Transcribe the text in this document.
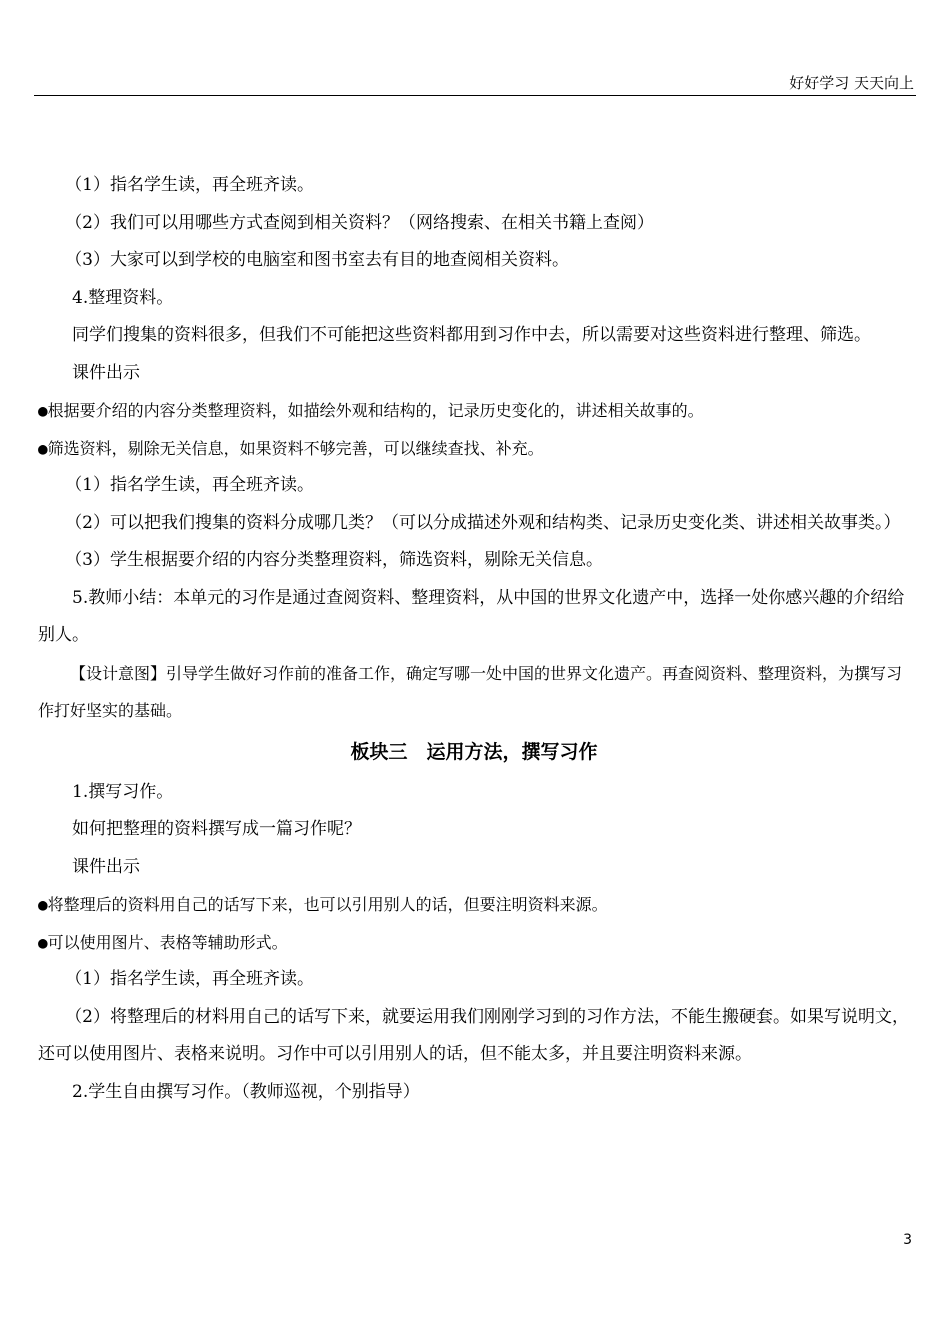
好好学习 天天向上

（1）指名学生读，再全班齐读。

（2）我们可以用哪些方式查阅到相关资料？（网络搜索、在相关书籍上查阅）

（3）大家可以到学校的电脑室和图书室去有目的地查阅相关资料。

4.整理资料。

同学们搜集的资料很多，但我们不可能把这些资料都用到习作中去，所以需要对这些资料进行整理、筛选。

课件出示

●根据要介绍的内容分类整理资料，如描绘外观和结构的，记录历史变化的，讲述相关故事的。

●筛选资料，剔除无关信息，如果资料不够完善，可以继续查找、补充。

（1）指名学生读，再全班齐读。

（2）可以把我们搜集的资料分成哪几类？（可以分成描述外观和结构类、记录历史变化类、讲述相关故事类。）

（3）学生根据要介绍的内容分类整理资料，筛选资料，剔除无关信息。

5.教师小结：本单元的习作是通过查阅资料、整理资料，从中国的世界文化遗产中，选择一处你感兴趣的介绍给别人。

【设计意图】引导学生做好习作前的准备工作，确定写哪一处中国的世界文化遗产。再查阅资料、整理资料，为撰写习作打好坚实的基础。

板块三　运用方法，撰写习作

1.撰写习作。

如何把整理的资料撰写成一篇习作呢？

课件出示

●将整理后的资料用自己的话写下来，也可以引用别人的话，但要注明资料来源。

●可以使用图片、表格等辅助形式。

（1）指名学生读，再全班齐读。

（2）将整理后的材料用自己的话写下来，就要运用我们刚刚学习到的习作方法，不能生搬硬套。如果写说明文，还可以使用图片、表格来说明。习作中可以引用别人的话，但不能太多，并且要注明资料来源。

2.学生自由撰写习作。（教师巡视，个别指导）

3
